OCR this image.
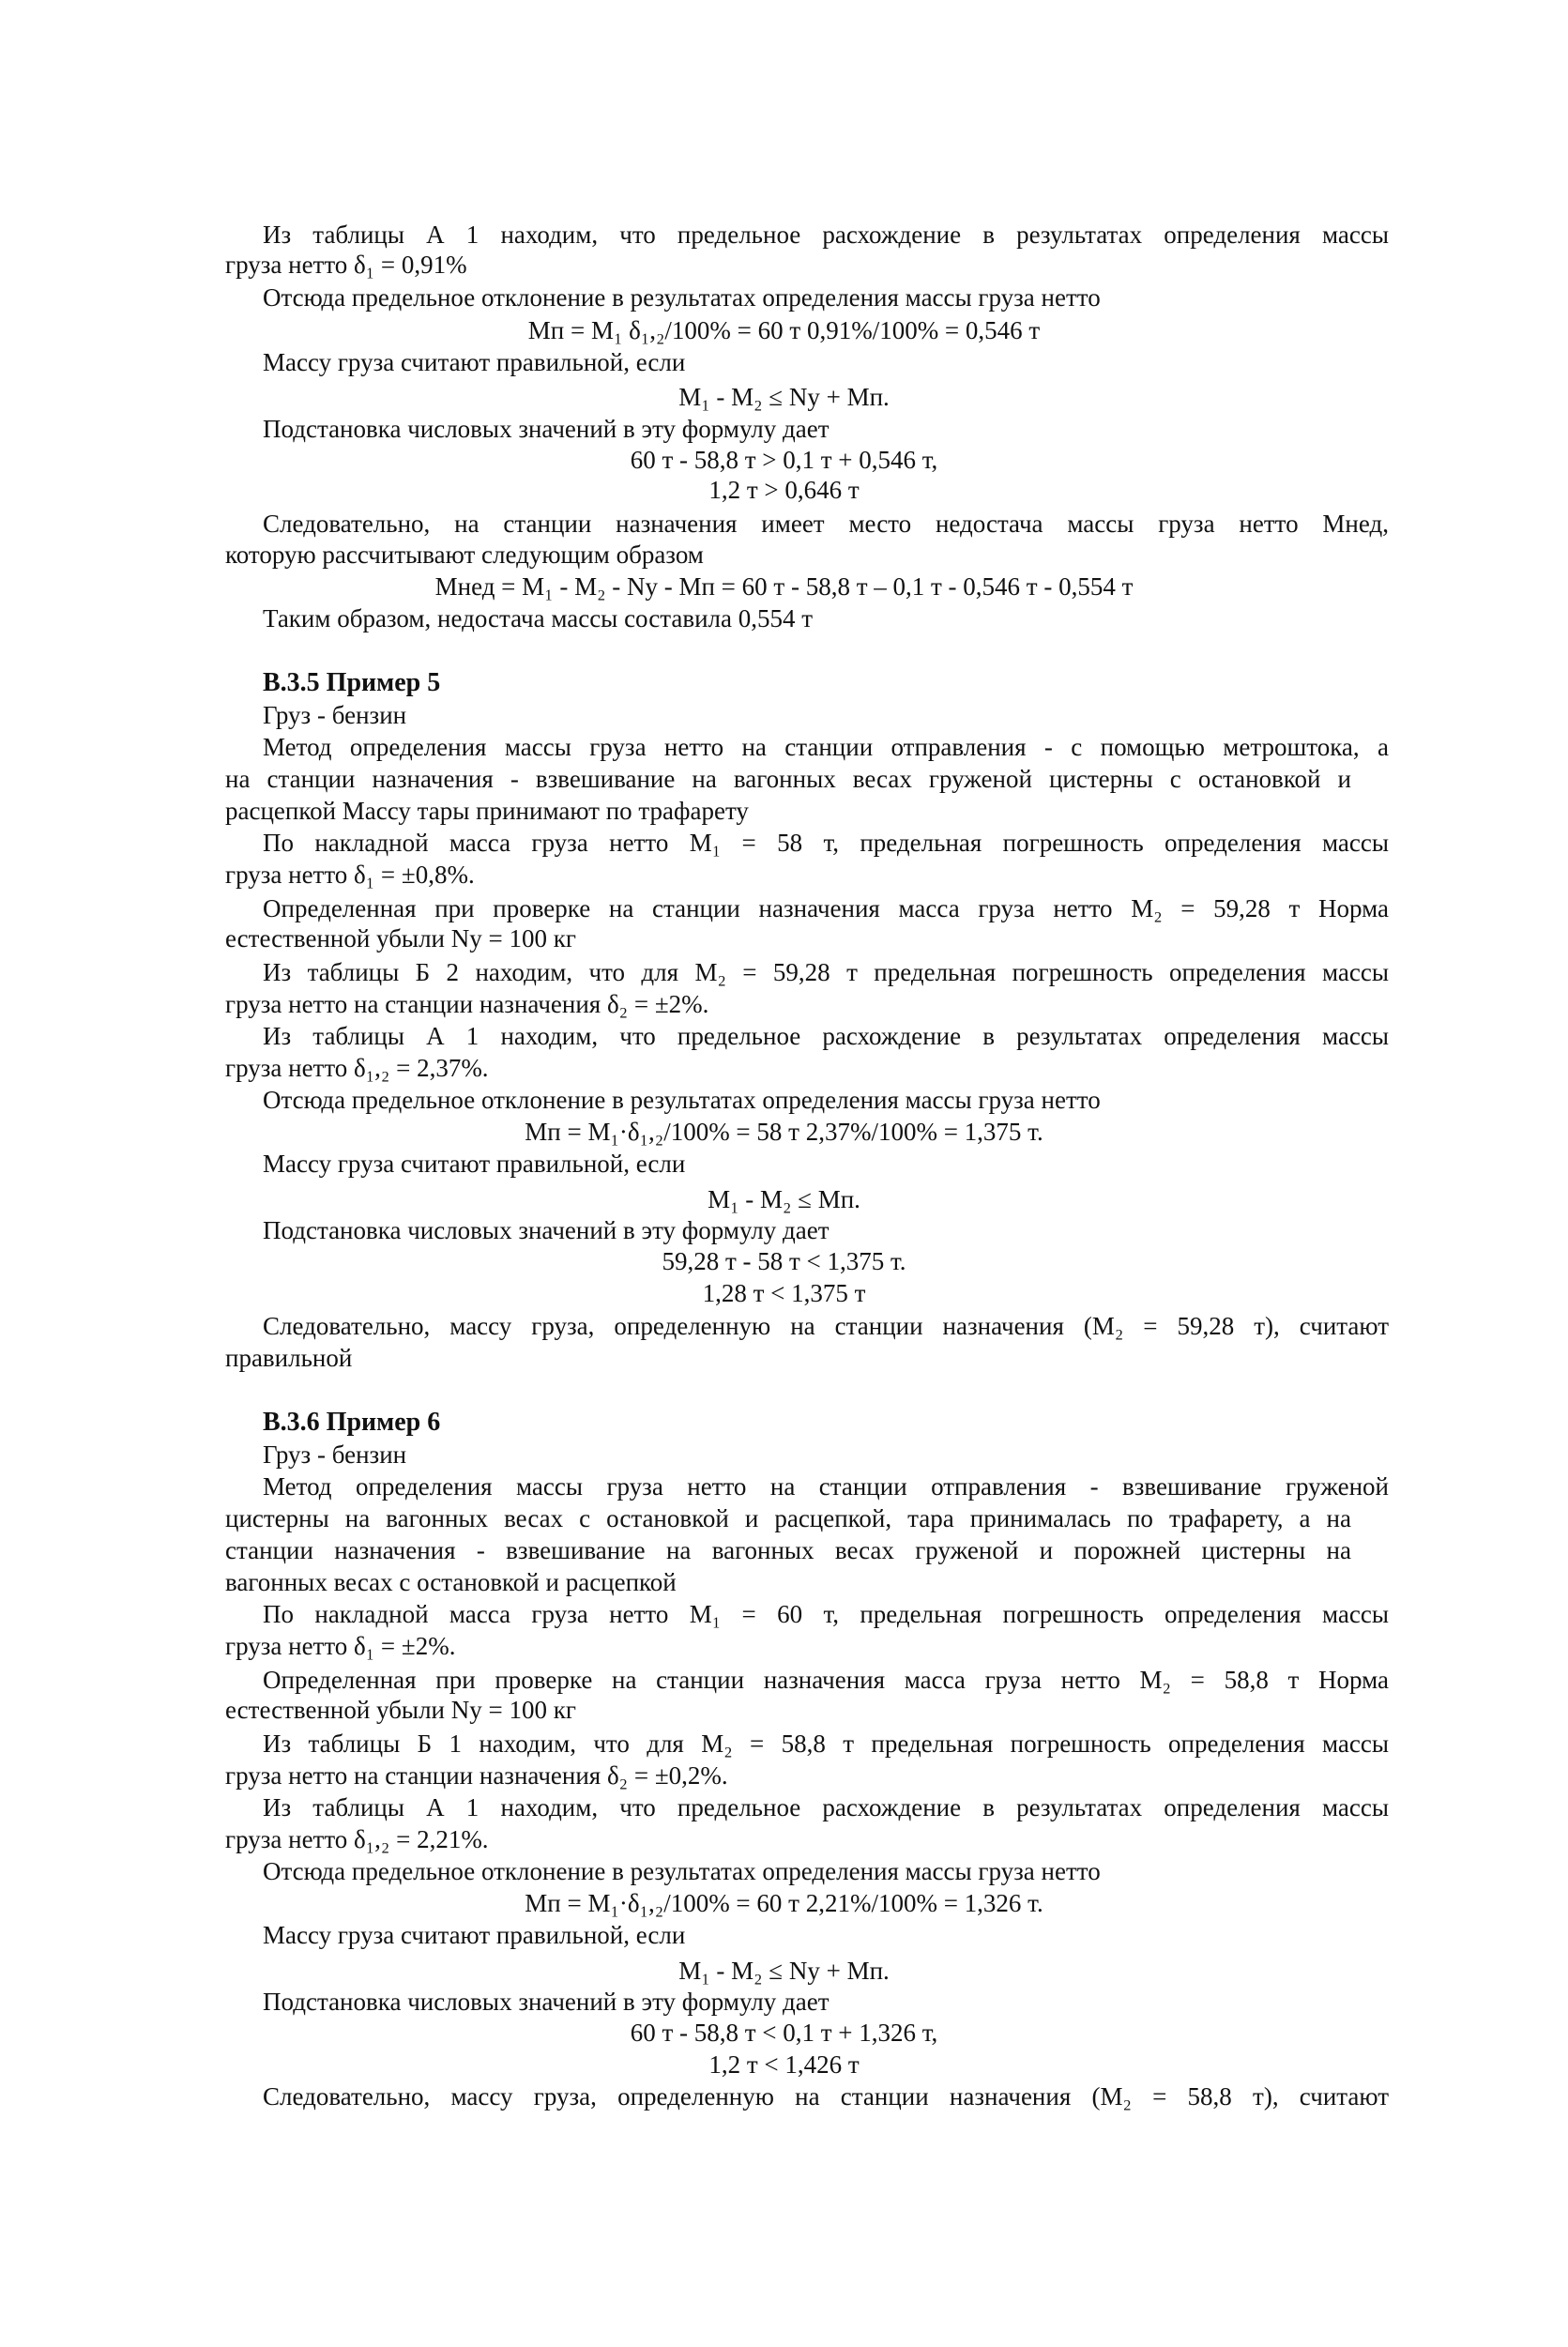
Из таблицы А 1 находим, что предельное расхождение в результатах определения массы
груза нетто δ₁ = 0,91%
Отсюда предельное отклонение в результатах определения массы груза нетто
Mп = M₁ δ₁,₂/100% = 60 т 0,91%/100% = 0,546 т
Массу груза считают правильной, если
M₁ - M₂ ≤ Nу + Mп.
Подстановка числовых значений в эту формулу дает
60 т - 58,8 т > 0,1 т + 0,546 т,
1,2 т > 0,646 т
Следовательно, на станции назначения имеет место недостача массы груза нетто Mнед,
которую рассчитывают следующим образом
Mнед = M₁ - M₂ - Nу - Mп = 60 т - 58,8 т – 0,1 т - 0,546 т - 0,554 т
Таким образом, недостача массы составила 0,554 т
В.3.5 Пример 5
Груз - бензин
Метод определения массы груза нетто на станции отправления - с помощью метроштока, а
на станции назначения - взвешивание на вагонных весах груженой цистерны с остановкой и
расцепкой Массу тары принимают по трафарету
По накладной масса груза нетто M₁ = 58 т, предельная погрешность определения массы
груза нетто δ₁ = ±0,8%.
Определенная при проверке на станции назначения масса груза нетто M₂ = 59,28 т Норма
естественной убыли Nу = 100 кг
Из таблицы Б 2 находим, что для M₂ = 59,28 т предельная погрешность определения массы
груза нетто на станции назначения δ₂ = ±2%.
Из таблицы А 1 находим, что предельное расхождение в результатах определения массы
груза нетто δ₁,₂ = 2,37%.
Отсюда предельное отклонение в результатах определения массы груза нетто
Mп = M₁·δ₁,₂/100% = 58 т 2,37%/100% = 1,375 т.
Массу груза считают правильной, если
M₁ - M₂ ≤ Mп.
Подстановка числовых значений в эту формулу дает
59,28 т - 58 т < 1,375 т.
1,28 т < 1,375 т
Следовательно, массу груза, определенную на станции назначения (M₂ = 59,28 т), считают
правильной
В.3.6 Пример 6
Груз - бензин
Метод определения массы груза нетто на станции отправления - взвешивание груженой
цистерны на вагонных весах с остановкой и расцепкой, тара принималась по трафарету, а на
станции назначения - взвешивание на вагонных весах груженой и порожней цистерны на
вагонных весах с остановкой и расцепкой
По накладной масса груза нетто M₁ = 60 т, предельная погрешность определения массы
груза нетто δ₁ = ±2%.
Определенная при проверке на станции назначения масса груза нетто M₂ = 58,8 т Норма
естественной убыли Nу = 100 кг
Из таблицы Б 1 находим, что для M₂ = 58,8 т предельная погрешность определения массы
груза нетто на станции назначения δ₂ = ±0,2%.
Из таблицы А 1 находим, что предельное расхождение в результатах определения массы
груза нетто δ₁,₂ = 2,21%.
Отсюда предельное отклонение в результатах определения массы груза нетто
Mп = M₁·δ₁,₂/100% = 60 т 2,21%/100% = 1,326 т.
Массу груза считают правильной, если
M₁ - M₂ ≤ Nу + Mп.
Подстановка числовых значений в эту формулу дает
60 т - 58,8 т < 0,1 т + 1,326 т,
1,2 т < 1,426 т
Следовательно, массу груза, определенную на станции назначения (M₂ = 58,8 т), считают
